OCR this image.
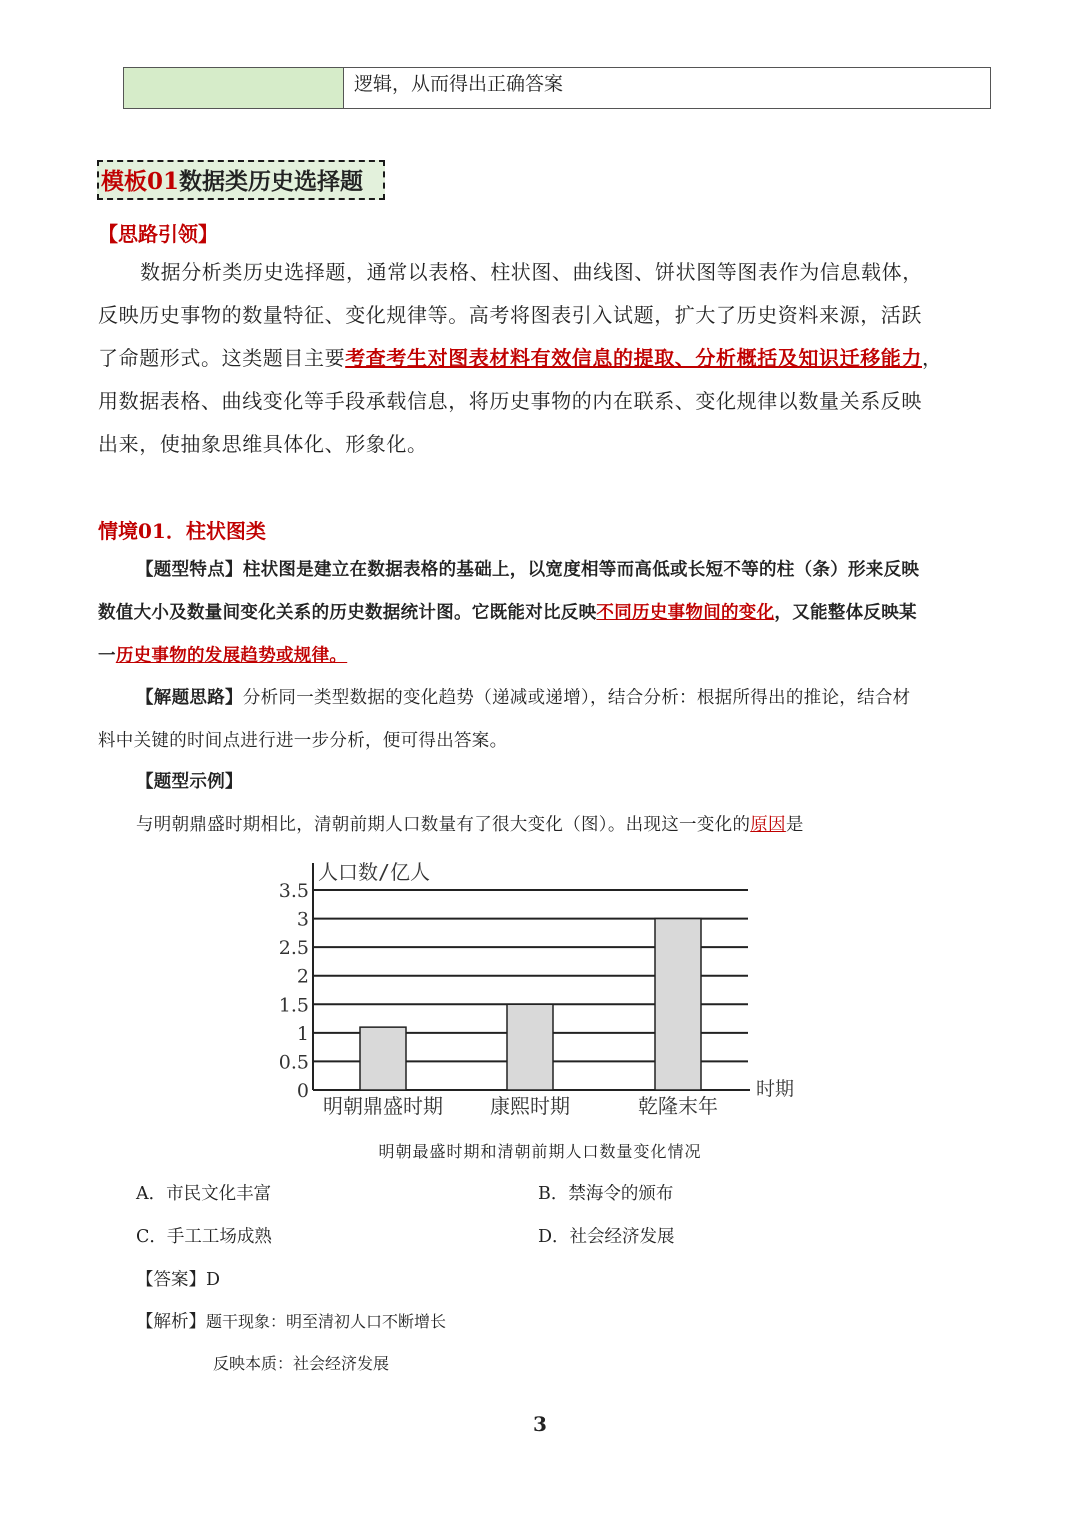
逻辑，从而得出正确答案
模板01数据类历史选择题
【思路引领】
数据分析类历史选择题，通常以表格、柱状图、曲线图、饼状图等图表作为信息载体，
反映历史事物的数量特征、变化规律等。高考将图表引入试题，扩大了历史资料来源，活跃
了命题形式。这类题目主要考查考生对图表材料有效信息的提取、分析概括及知识迁移能力，
用数据表格、曲线变化等手段承载信息，将历史事物的内在联系、变化规律以数量关系反映
出来，使抽象思维具体化、形象化。
情境01．柱状图类
【题型特点】柱状图是建立在数据表格的基础上，以宽度相等而高低或长短不等的柱（条）形来反映
数值大小及数量间变化关系的历史数据统计图。它既能对比反映不同历史事物间的变化，又能整体反映某
一历史事物的发展趋势或规律。
【解题思路】分析同一类型数据的变化趋势（递减或递增），结合分析：根据所得出的推论，结合材
料中关键的时间点进行进一步分析，便可得出答案。
【题型示例】
与明朝鼎盛时期相比，清朝前期人口数量有了很大变化（图）。出现这一变化的原因是
0
0.5
1
1.5
2
2.5
3
3.5
明朝鼎盛时期 康熙时期	乾隆末年
人口数/亿人
时期
明朝最盛时期和清朝前期人口数量变化情况
A．市民文化丰富	B．禁海令的颁布
C．手工工场成熟	D．社会经济发展
【答案】D
【解析】题干现象：明至清初人口不断增长
反映本质：社会经济发展
3
